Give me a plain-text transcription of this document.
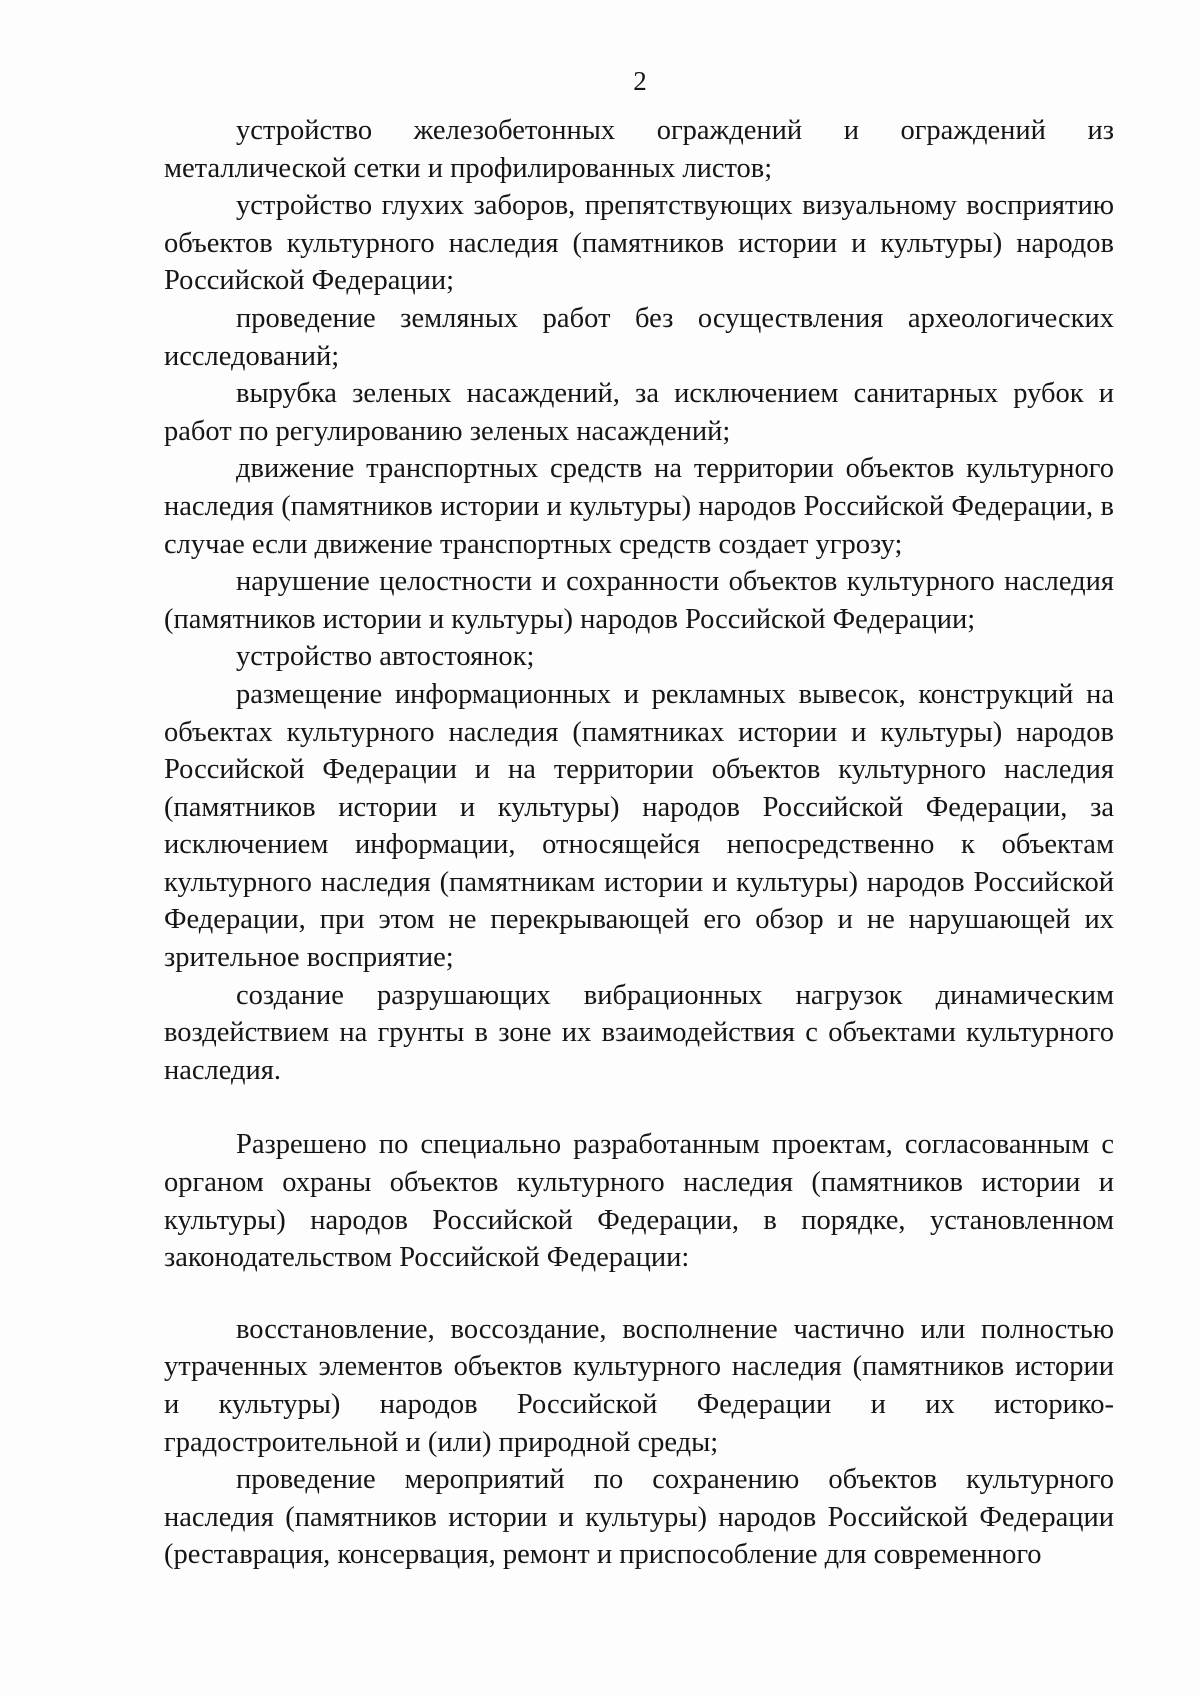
2

устройство железобетонных ограждений и ограждений из металлической сетки и профилированных листов;

устройство глухих заборов, препятствующих визуальному восприятию объектов культурного наследия (памятников истории и культуры) народов Российской Федерации;

проведение земляных работ без осуществления археологических исследований;

вырубка зеленых насаждений, за исключением санитарных рубок и работ по регулированию зеленых насаждений;

движение транспортных средств на территории объектов культурного наследия (памятников истории и культуры) народов Российской Федерации, в случае если движение транспортных средств создает угрозу;

нарушение целостности и сохранности объектов культурного наследия (памятников истории и культуры) народов Российской Федерации;

устройство автостоянок;

размещение информационных и рекламных вывесок, конструкций на объектах культурного наследия (памятниках истории и культуры) народов Российской Федерации и на территории объектов культурного наследия (памятников истории и культуры) народов Российской Федерации, за исключением информации, относящейся непосредственно к объектам культурного наследия (памятникам истории и культуры) народов Российской Федерации, при этом не перекрывающей его обзор и не нарушающей их зрительное восприятие;

создание разрушающих вибрационных нагрузок динамическим воздействием на грунты в зоне их взаимодействия с объектами культурного наследия.

Разрешено по специально разработанным проектам, согласованным с органом охраны объектов культурного наследия (памятников истории и культуры) народов Российской Федерации, в порядке, установленном законодательством Российской Федерации:

восстановление, воссоздание, восполнение частично или полностью утраченных элементов объектов культурного наследия (памятников истории и культуры) народов Российской Федерации и их историко-градостроительной и (или) природной среды;

проведение мероприятий по сохранению объектов культурного наследия (памятников истории и культуры) народов Российской Федерации (реставрация, консервация, ремонт и приспособление для современного
